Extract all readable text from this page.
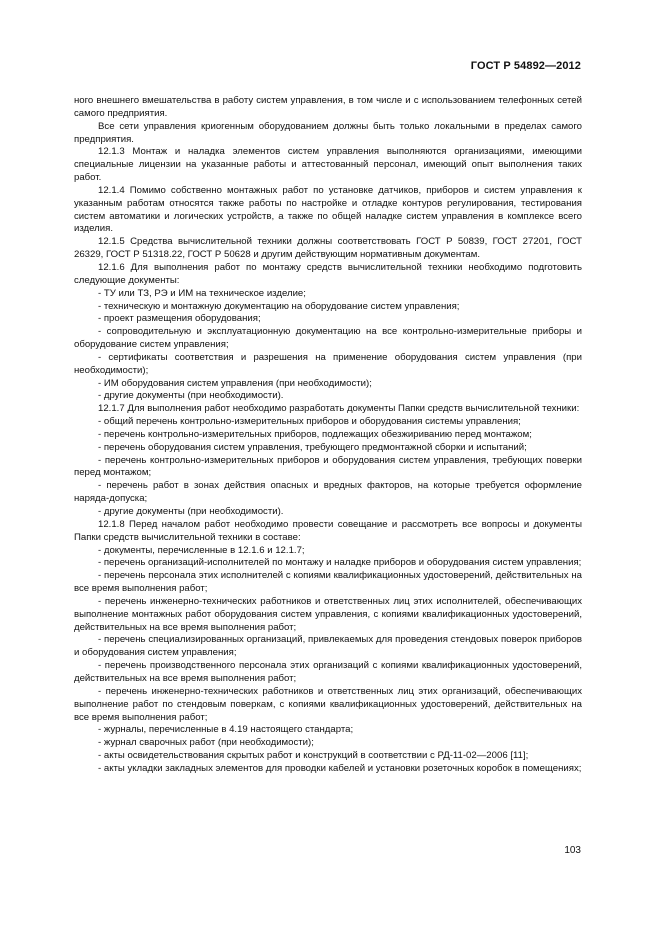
ГОСТ Р 54892—2012

ного внешнего вмешательства в работу систем управления, в том числе и с использованием телефонных сетей самого предприятия.

Все сети управления криогенным оборудованием должны быть только локальными в пределах самого предприятия.

12.1.3 Монтаж и наладка элементов систем управления выполняются организациями, имеющими специальные лицензии на указанные работы и аттестованный персонал, имеющий опыт выполнения таких работ.

12.1.4 Помимо собственно монтажных работ по установке датчиков, приборов и систем управления к указанным работам относятся также работы по настройке и отладке контуров регулирования, тестирования систем автоматики и логических устройств, а также по общей наладке систем управления в комплексе всего изделия.

12.1.5 Средства вычислительной техники должны соответствовать ГОСТ Р 50839, ГОСТ 27201, ГОСТ 26329, ГОСТ Р 51318.22, ГОСТ Р 50628 и другим действующим нормативным документам.

12.1.6 Для выполнения работ по монтажу средств вычислительной техники необходимо подготовить следующие документы:

- ТУ или ТЗ, РЭ и ИМ на техническое изделие;

- техническую и монтажную документацию на оборудование систем управления;

- проект размещения оборудования;

- сопроводительную и эксплуатационную документацию на все контрольно-измерительные приборы и оборудование систем управления;

- сертификаты соответствия и разрешения на применение оборудования систем управления (при необходимости);

- ИМ оборудования систем управления (при необходимости);

- другие документы (при необходимости).

12.1.7 Для выполнения работ необходимо разработать документы Папки средств вычислительной техники:

- общий перечень контрольно-измерительных приборов и оборудования системы управления;

- перечень контрольно-измерительных приборов, подлежащих обезжириванию перед монтажом;

- перечень оборудования систем управления, требующего предмонтажной сборки и испытаний;

- перечень контрольно-измерительных приборов и оборудования систем управления, требующих поверки перед монтажом;

- перечень работ в зонах действия опасных и вредных факторов, на которые требуется оформление наряда-допуска;

- другие документы (при необходимости).

12.1.8 Перед началом работ необходимо провести совещание и рассмотреть все вопросы и документы Папки средств вычислительной техники в составе:

- документы, перечисленные в 12.1.6 и 12.1.7;

- перечень организаций-исполнителей по монтажу и наладке приборов и оборудования систем управления;

- перечень персонала этих исполнителей с копиями квалификационных удостоверений, действительных на все время выполнения работ;

- перечень инженерно-технических работников и ответственных лиц этих исполнителей, обеспечивающих выполнение монтажных работ оборудования систем управления, с копиями квалификационных удостоверений, действительных на все время выполнения работ;

- перечень специализированных организаций, привлекаемых для проведения стендовых поверок приборов и оборудования систем управления;

- перечень производственного персонала этих организаций с копиями квалификационных удостоверений, действительных на все время выполнения работ;

- перечень инженерно-технических работников и ответственных лиц этих организаций, обеспечивающих выполнение работ по стендовым поверкам, с копиями квалификационных удостоверений, действительных на все время выполнения работ;

- журналы, перечисленные в 4.19 настоящего стандарта;

- журнал сварочных работ (при необходимости);

- акты освидетельствования скрытых работ и конструкций в соответствии с РД-11-02—2006 [11];

- акты укладки закладных элементов для проводки кабелей и установки розеточных коробок в помещениях;

103
